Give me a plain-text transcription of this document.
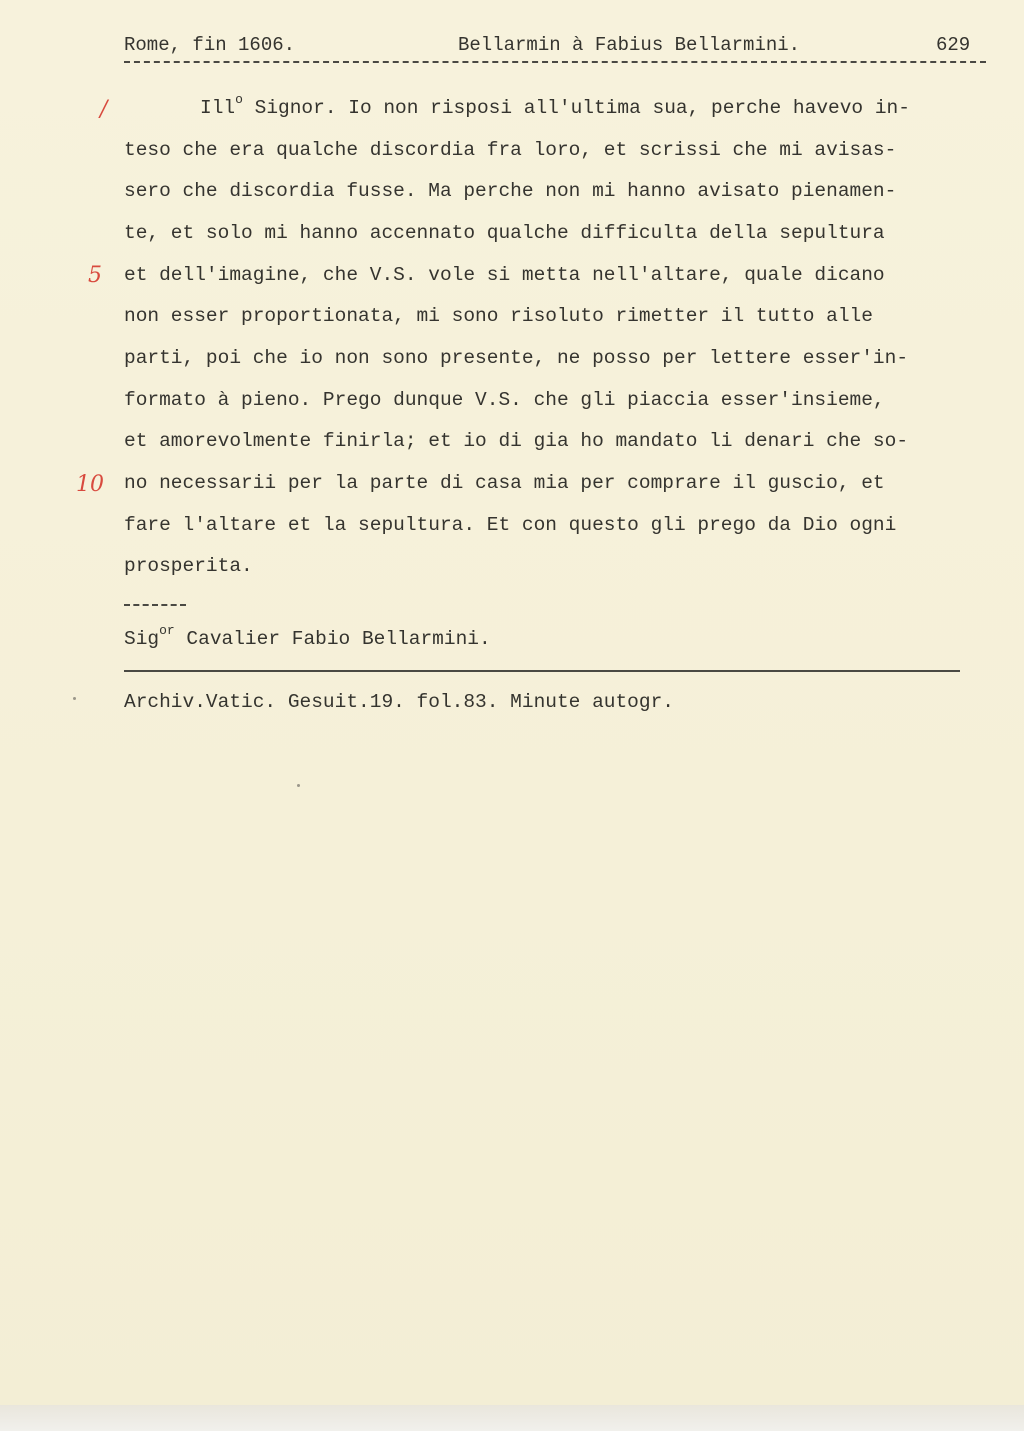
Rome, fin 1606.	Bellarmin à Fabius Bellarmini.	629
/
5
10
Ill$^o$ Signor. Io non risposi all'ultima sua, perche havevo in-
teso che era qualche discordia fra loro, et scrissi che mi avisas-
sero che discordia fusse. Ma perche non mi hanno avisato pienamen-
te, et solo mi hanno accennato qualche difficulta della sepultura
et dell'imagine, che V.S. vole si metta nell'altare, quale dicano
non esser proportionata, mi sono risoluto rimetter il tutto alle
parti, poi che io non sono presente, ne posso per lettere esser'in-
formato à pieno. Prego dunque V.S. che gli piaccia esser'insieme,
et amorevolmente finirla; et io di gia ho mandato li denari che so-
no necessarii per la parte di casa mia per comprare il guscio, et
fare l'altare et la sepultura. Et con questo gli prego da Dio ogni
prosperita.
Sig$^{or}$ Cavalier Fabio Bellarmini.
Archiv.Vatic. Gesuit.19. fol.83. Minute autogr.
